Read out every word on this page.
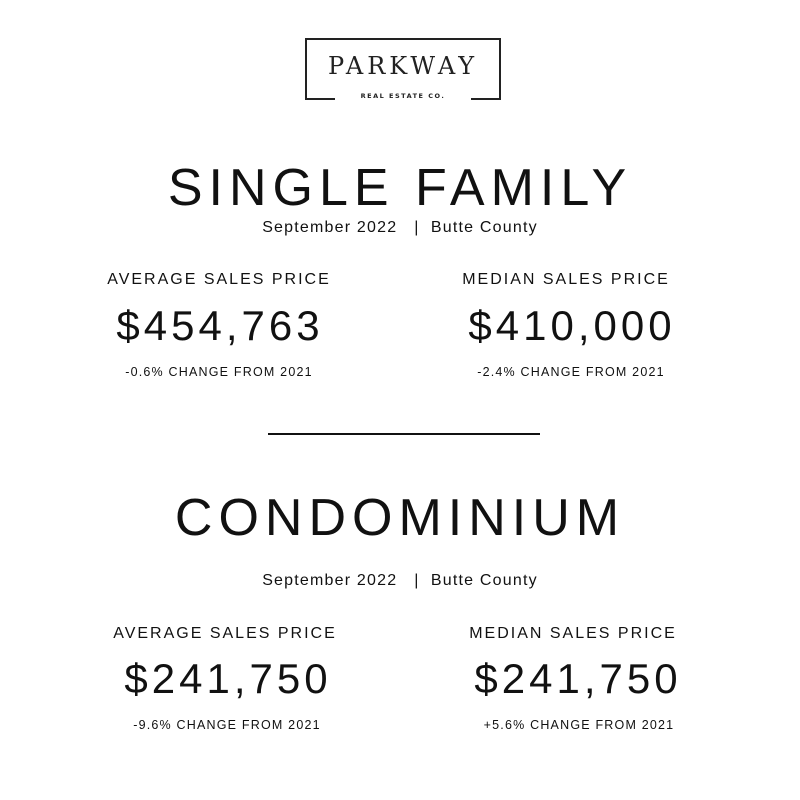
PARKWAY
REAL ESTATE CO.
SINGLE FAMILY
September 2022 | Butte County
AVERAGE SALES PRICE
$454,763
-0.6% CHANGE FROM 2021
MEDIAN SALES PRICE
$410,000
-2.4% CHANGE FROM 2021
CONDOMINIUM
September 2022 | Butte County
AVERAGE SALES PRICE
$241,750
-9.6% CHANGE FROM 2021
MEDIAN SALES PRICE
$241,750
+5.6% CHANGE FROM 2021
